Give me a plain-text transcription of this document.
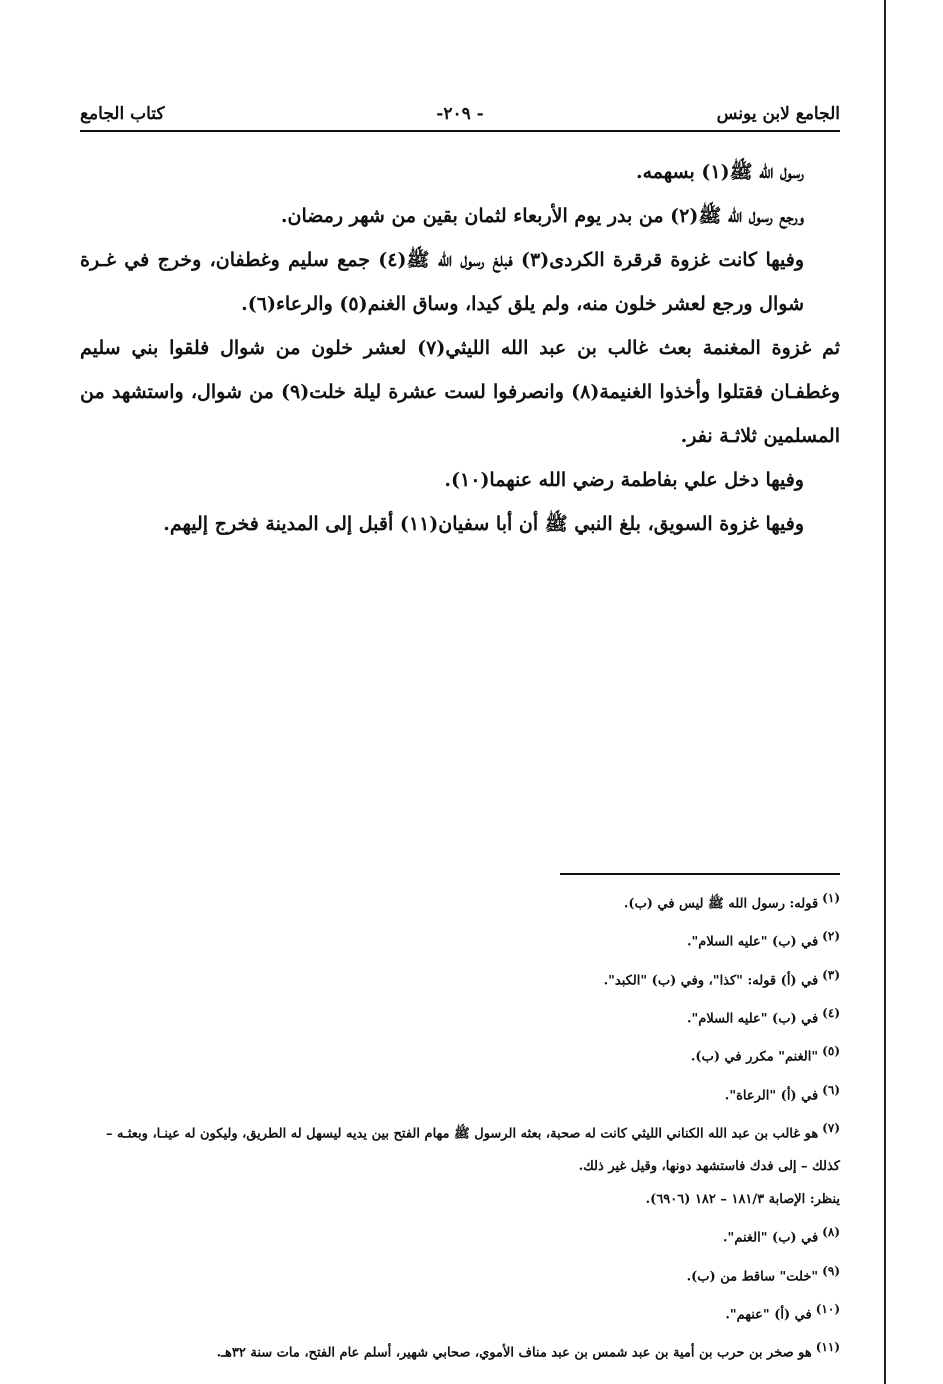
الجامع لابن يونس
- ٢٠٩-
كتاب الجامع

رسول الله ﷺ(١) بسهمه.

ورجع رسول الله ﷺ(٢) من بدر يوم الأربعاء لثمان بقين من شهر رمضان.

وفيها كانت غزوة قرقرة الكردى(٣) فبلغ رسول الله ﷺ(٤) جمع سليم وغطفان، وخرج في غـرة شوال ورجع لعشر خلون منه، ولم يلق كيدا، وساق الغنم(٥) والرعاء(٦).

ثم غزوة المغنمة بعث غالب بن عبد الله الليثي(٧) لعشر خلون من شوال فلقوا بني سليم وغطفـان فقتلوا وأخذوا الغنيمة(٨) وانصرفوا لست عشرة ليلة خلت(٩) من شوال، واستشهد من المسلمين ثلاثـة نفر.

وفيها دخل علي بفاطمة رضي الله عنهما(١٠).

وفيها غزوة السويق، بلغ النبي ﷺ أن أبا سفيان(١١) أقبل إلى المدينة فخرج إليهم.

(١)قوله: رسول الله ﷺ ليس في (ب).

(٢)في (ب) "عليه السلام".

(٣)في (أ) قوله: "كذا"، وفي (ب) "الكبد".

(٤)في (ب) "عليه السلام".

(٥)"الغنم" مكرر في (ب).

(٦)في (أ) "الرعاة".

(٧)هو غالب بن عبد الله الكناني الليثي كانت له صحبة، بعثه الرسول ﷺ مهام الفتح بين يديه ليسهل له الطريق، وليكون له عينـا، وبعثـه –

كذلك – إلى فدك فاستشهد دونها، وقيل غير ذلك.

ينظر: الإصابة ١٨١/٣ – ١٨٢ (٦٩٠٦).

(٨)في (ب) "الغنم".

(٩)"خلت" ساقط من (ب).

(١٠)في (أ) "عنهم".

(١١)هو صخر بن حرب بن أمية بن عبد شمس بن عبد مناف الأموي، صحابي شهير، أسلم عام الفتح، مات سنة ٣٢هـ.
